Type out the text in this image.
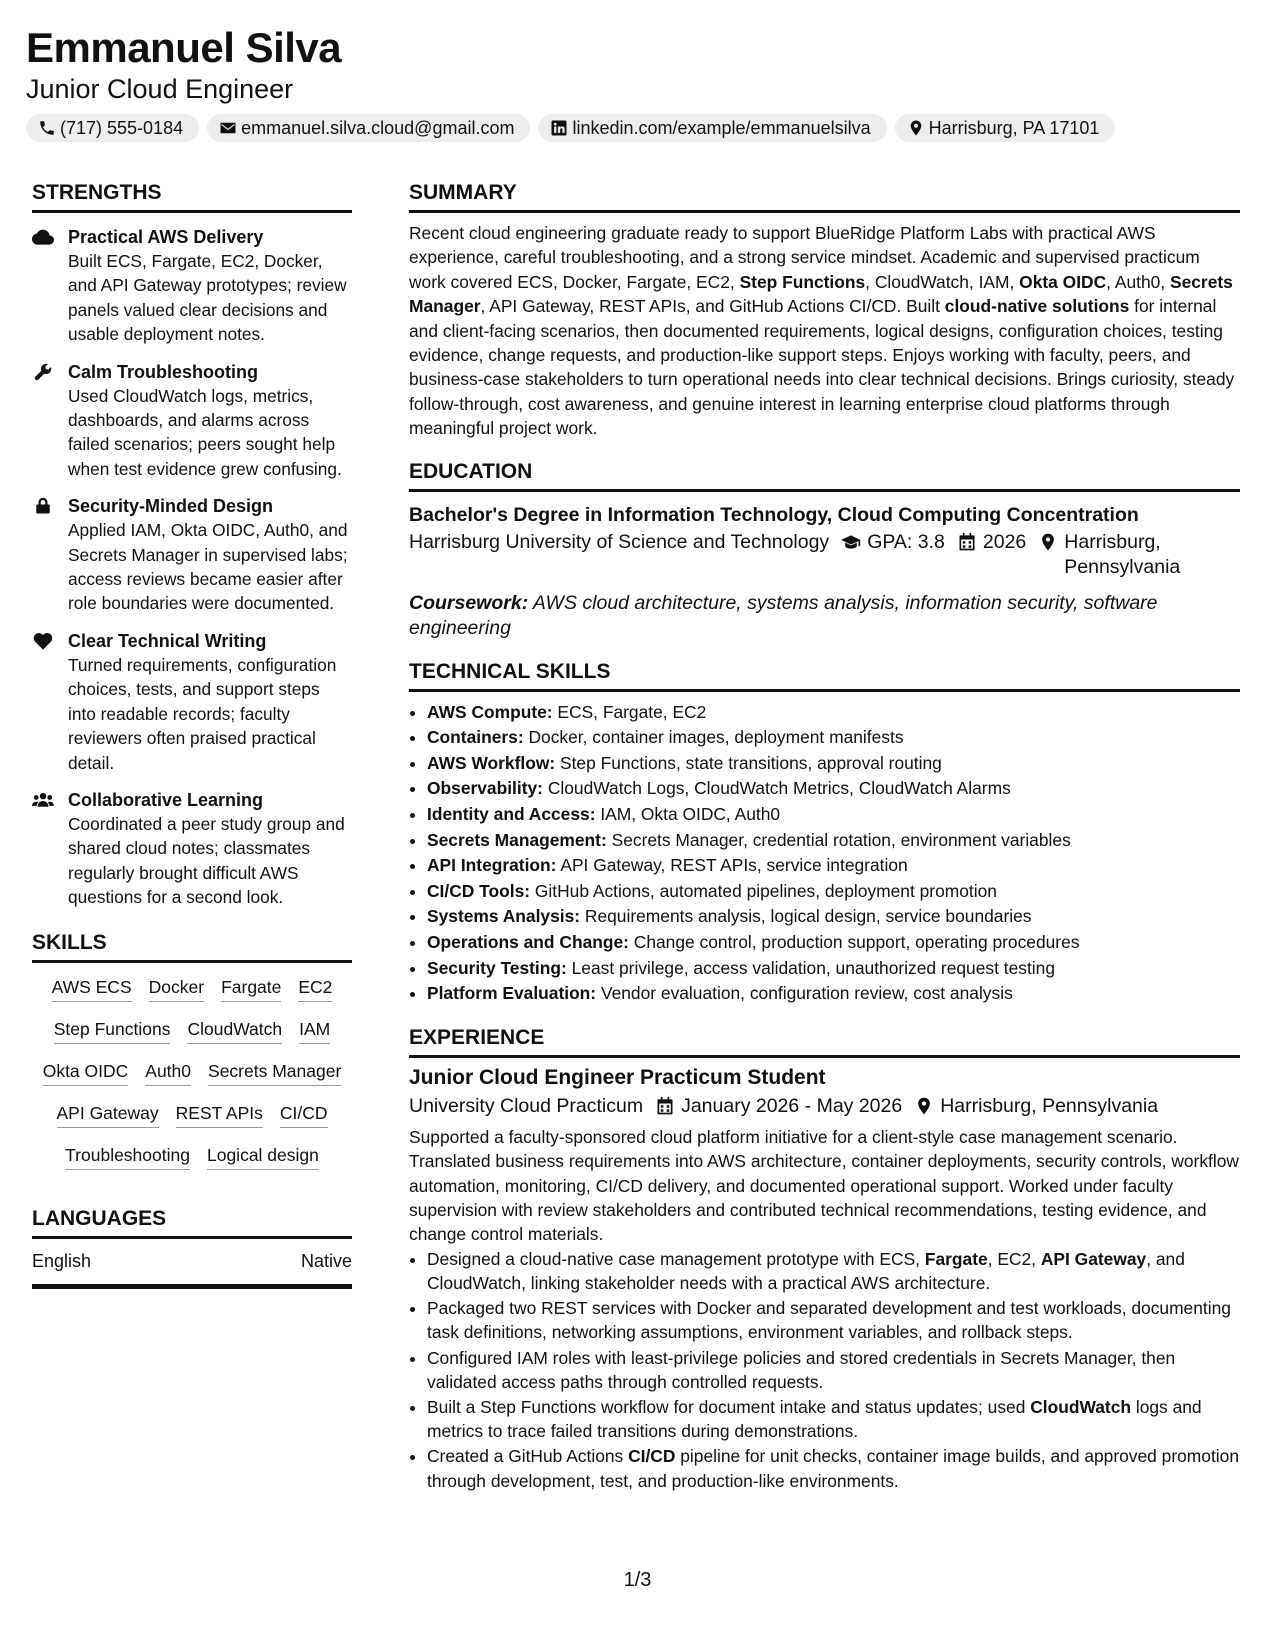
Emmanuel Silva
Junior Cloud Engineer
(717) 555-0184	emmanuel.silva.cloud@gmail.com	linkedin.com/example/emmanuelsilva	Harrisburg, PA 17101
STRENGTHS
Practical AWS Delivery
Built ECS, Fargate, EC2, Docker, and API Gateway prototypes; review panels valued clear decisions and usable deployment notes.
Calm Troubleshooting
Used CloudWatch logs, metrics, dashboards, and alarms across failed scenarios; peers sought help when test evidence grew confusing.
Security-Minded Design
Applied IAM, Okta OIDC, Auth0, and Secrets Manager in supervised labs; access reviews became easier after role boundaries were documented.
Clear Technical Writing
Turned requirements, configuration choices, tests, and support steps into readable records; faculty reviewers often praised practical detail.
Collaborative Learning
Coordinated a peer study group and shared cloud notes; classmates regularly brought difficult AWS questions for a second look.
SKILLS
AWS ECS Docker Fargate EC2
Step Functions CloudWatch IAM
Okta OIDC Auth0 Secrets Manager
API Gateway REST APIs CI/CD
Troubleshooting Logical design
LANGUAGES
English	Native
SUMMARY
Recent cloud engineering graduate ready to support BlueRidge Platform Labs with practical AWS experience, careful troubleshooting, and a strong service mindset. Academic and supervised practicum work covered ECS, Docker, Fargate, EC2, Step Functions, CloudWatch, IAM, Okta OIDC, Auth0, Secrets Manager, API Gateway, REST APIs, and GitHub Actions CI/CD. Built cloud-native solutions for internal and client-facing scenarios, then documented requirements, logical designs, configuration choices, testing evidence, change requests, and production-like support steps. Enjoys working with faculty, peers, and business-case stakeholders to turn operational needs into clear technical decisions. Brings curiosity, steady follow-through, cost awareness, and genuine interest in learning enterprise cloud platforms through meaningful project work.
EDUCATION
Bachelor's Degree in Information Technology, Cloud Computing Concentration
Harrisburg University of Science and Technology GPA: 3.8 2026 Harrisburg, Pennsylvania
Coursework: AWS cloud architecture, systems analysis, information security, software engineering
TECHNICAL SKILLS
• AWS Compute: ECS, Fargate, EC2
• Containers: Docker, container images, deployment manifests
• AWS Workflow: Step Functions, state transitions, approval routing
• Observability: CloudWatch Logs, CloudWatch Metrics, CloudWatch Alarms
• Identity and Access: IAM, Okta OIDC, Auth0
• Secrets Management: Secrets Manager, credential rotation, environment variables
• API Integration: API Gateway, REST APIs, service integration
• CI/CD Tools: GitHub Actions, automated pipelines, deployment promotion
• Systems Analysis: Requirements analysis, logical design, service boundaries
• Operations and Change: Change control, production support, operating procedures
• Security Testing: Least privilege, access validation, unauthorized request testing
• Platform Evaluation: Vendor evaluation, configuration review, cost analysis
EXPERIENCE
Junior Cloud Engineer Practicum Student
University Cloud Practicum January 2026 - May 2026 Harrisburg, Pennsylvania
Supported a faculty-sponsored cloud platform initiative for a client-style case management scenario. Translated business requirements into AWS architecture, container deployments, security controls, workflow automation, monitoring, CI/CD delivery, and documented operational support. Worked under faculty supervision with review stakeholders and contributed technical recommendations, testing evidence, and change control materials.
• Designed a cloud-native case management prototype with ECS, Fargate, EC2, API Gateway, and CloudWatch, linking stakeholder needs with a practical AWS architecture.
• Packaged two REST services with Docker and separated development and test workloads, documenting task definitions, networking assumptions, environment variables, and rollback steps.
• Configured IAM roles with least-privilege policies and stored credentials in Secrets Manager, then validated access paths through controlled requests.
• Built a Step Functions workflow for document intake and status updates; used CloudWatch logs and metrics to trace failed transitions during demonstrations.
• Created a GitHub Actions CI/CD pipeline for unit checks, container image builds, and approved promotion through development, test, and production-like environments.
1/3
